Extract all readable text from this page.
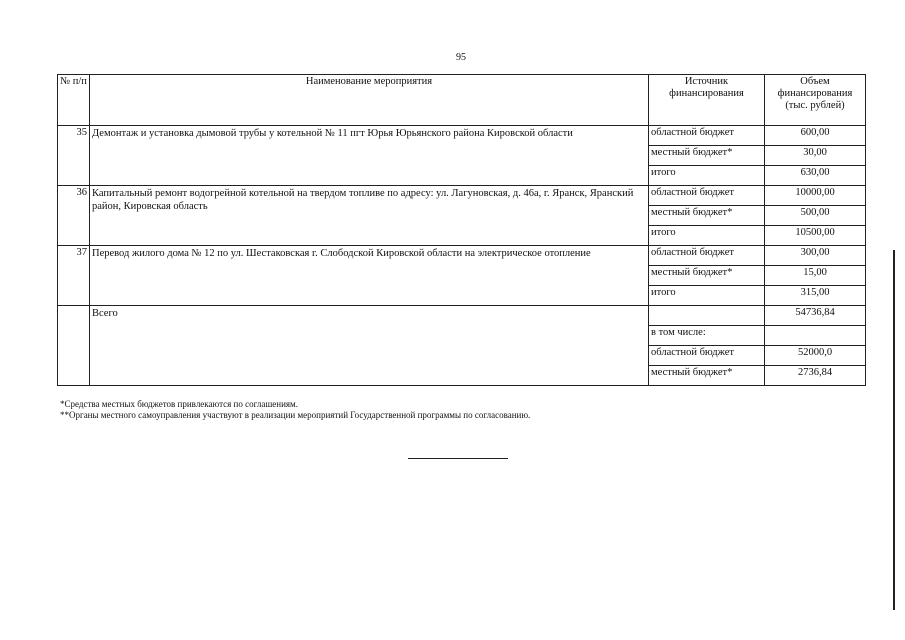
95
№ п/п	Наименование мероприятия	Источник финансирования	Объем финансирования (тыс. рублей)
35	Демонтаж и установка дымовой трубы у котельной № 11 пгт Юрья Юрьянского района Кировской области	областной бюджет	600,00
		местный бюджет*	30,00
		итого	630,00
36	Капитальный ремонт водогрейной котельной на твердом топливе по адресу: ул. Лагуновская, д. 46а, г. Яранск, Яранский район, Кировская область	областной бюджет	10000,00
		местный бюджет*	500,00
		итого	10500,00
37	Перевод жилого дома № 12 по ул. Шестаковская г. Слободской Кировской области на электрическое отопление	областной бюджет	300,00
		местный бюджет*	15,00
		итого	315,00
	Всего		54736,84
		в том числе:	
		областной бюджет	52000,0
		местный бюджет*	2736,84
*Средства местных бюджетов привлекаются по соглашениям.
**Органы местного самоуправления участвуют в реализации мероприятий Государственной программы по согласованию.
